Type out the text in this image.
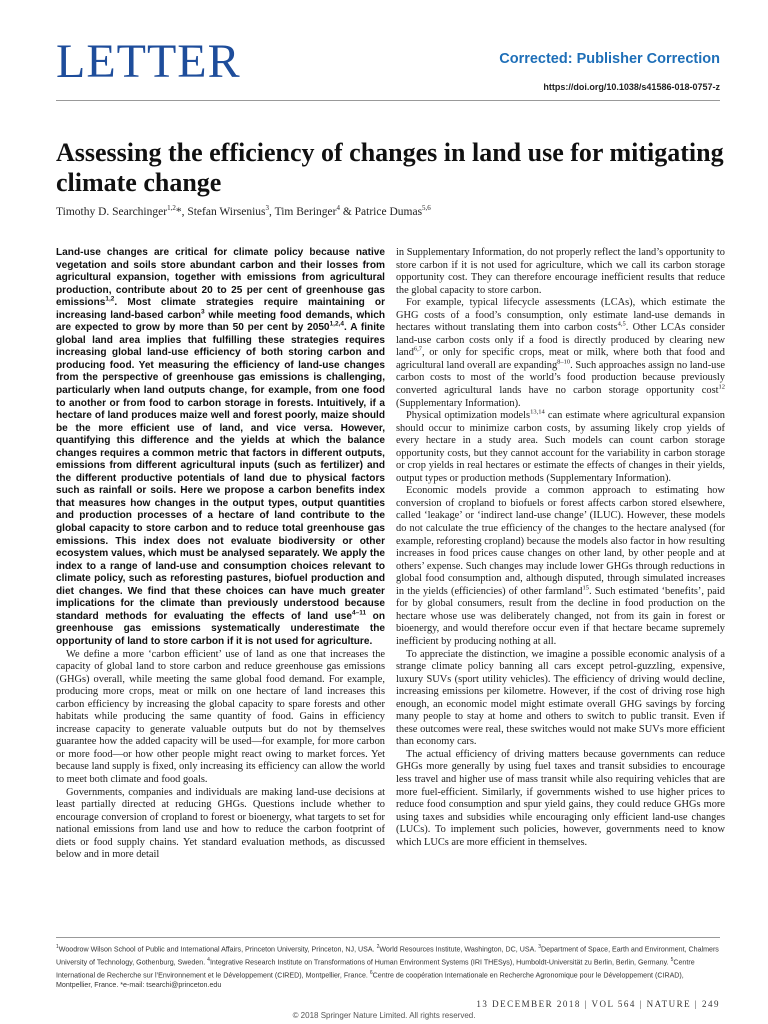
LETTER	Corrected: Publisher Correction
https://doi.org/10.1038/s41586-018-0757-z
Assessing the efficiency of changes in land use for mitigating climate change
Timothy D. Searchinger$^{1,2}$*, Stefan Wirsenius$^3$, Tim Beringer$^4$ & Patrice Dumas$^{5,6}$

Land-use changes are critical for climate policy because native vegetation and soils store abundant carbon and their losses from agricultural expansion, together with emissions from agricultural production, contribute about 20 to 25 per cent of greenhouse gas emissions$^{1,2}$. Most climate strategies require maintaining or increasing land-based carbon$^3$ while meeting food demands, which are expected to grow by more than 50 per cent by 2050$^{1,2,4}$. A finite global land area implies that fulfilling these strategies requires increasing global land-use efficiency of both storing carbon and producing food. Yet measuring the efficiency of land-use changes from the perspective of greenhouse gas emissions is challenging, particularly when land outputs change, for example, from one food to another or from food to carbon storage in forests. Intuitively, if a hectare of land produces maize well and forest poorly, maize should be the more efficient use of land, and vice versa. However, quantifying this difference and the yields at which the balance changes requires a common metric that factors in different outputs, emissions from different agricultural inputs (such as fertilizer) and the different productive potentials of land due to physical factors such as rainfall or soils. Here we propose a carbon benefits index that measures how changes in the output types, output quantities and production processes of a hectare of land contribute to the global capacity to store carbon and to reduce total greenhouse gas emissions. This index does not evaluate biodiversity or other ecosystem values, which must be analysed separately. We apply the index to a range of land-use and consumption choices relevant to climate policy, such as reforesting pastures, biofuel production and diet changes. We find that these choices can have much greater implications for the climate than previously understood because standard methods for evaluating the effects of land use$^{4-11}$ on greenhouse gas emissions systematically underestimate the opportunity of land to store carbon if it is not used for agriculture.

We define a more ‘carbon efficient’ use of land as one that increases the capacity of global land to store carbon and reduce greenhouse gas emissions (GHGs) overall, while meeting the same global food demand. For example, producing more crops, meat or milk on one hectare of land increases this carbon efficiency by increasing the global capacity to spare forests and other habitats while producing the same quantity of food. Gains in efficiency increase capacity to generate valuable outputs but do not by themselves guarantee how the added capacity will be used—for example, for more carbon or more food—or how other people might react owing to market forces. Yet because land supply is fixed, only increasing its efficiency can allow the world to meet both climate and food goals.

Governments, companies and individuals are making land-use decisions at least partially directed at reducing GHGs. Questions include whether to encourage conversion of cropland to forest or bioenergy, what targets to set for national emissions from land use and how to reduce the carbon footprint of diets or food supply chains. Yet standard evaluation methods, as discussed below and in more detail

in Supplementary Information, do not properly reflect the land’s opportunity to store carbon if it is not used for agriculture, which we call its carbon storage opportunity cost. They can therefore encourage inefficient results that reduce the global capacity to store carbon.

For example, typical lifecycle assessments (LCAs), which estimate the GHG costs of a food’s consumption, only estimate land-use demands in hectares without translating them into carbon costs$^{4,5}$. Other LCAs consider land-use carbon costs only if a food is directly produced by clearing new land$^{6,7}$, or only for specific crops, meat or milk, where both that food and agricultural land overall are expanding$^{8-10}$. Such approaches assign no land-use carbon costs to most of the world’s food production because previously converted agricultural lands have no carbon storage opportunity cost$^{12}$ (Supplementary Information).

Physical optimization models$^{13,14}$ can estimate where agricultural expansion should occur to minimize carbon costs, by assuming likely crop yields of every hectare in a study area. Such models can count carbon storage opportunity costs, but they cannot account for the variability in carbon storage or crop yields in real hectares or estimate the effects of changes in their yields, output types or production methods (Supplementary Information).

Economic models provide a common approach to estimating how conversion of cropland to biofuels or forest affects carbon stored elsewhere, called ‘leakage’ or ‘indirect land-use change’ (ILUC). However, these models do not calculate the true efficiency of the changes to the hectare analysed (for example, reforesting cropland) because the models also factor in how resulting increases in food prices cause changes on other land, by other people and at others’ expense. Such changes may include lower GHGs through reductions in global food consumption and, although disputed, through simulated increases in the yields (efficiencies) of other farmland$^{15}$. Such estimated ‘benefits’, paid for by global consumers, result from the decline in food production on the hectare whose use was deliberately changed, not from its gain in forest or bioenergy, and would therefore occur even if that hectare became supremely inefficient by producing nothing at all.

To appreciate the distinction, we imagine a possible economic analysis of a strange climate policy banning all cars except petrol-guzzling, expensive, luxury SUVs (sport utility vehicles). The efficiency of driving would decline, increasing emissions per kilometre. However, if the cost of driving rose high enough, an economic model might estimate overall GHG savings by forcing many people to stay at home and others to switch to public transit. Even if these outcomes were real, these switches would not make SUVs more efficient than economy cars.

The actual efficiency of driving matters because governments can reduce GHGs more generally by using fuel taxes and transit subsidies to encourage less travel and higher use of mass transit while also requiring vehicles that are more fuel-efficient. Similarly, if governments wished to use higher prices to reduce food consumption and spur yield gains, they could reduce GHGs more using taxes and subsidies while encouraging only efficient land-use changes (LUCs). To implement such policies, however, governments need to know which LUCs are more efficient in themselves.

$^1$Woodrow Wilson School of Public and International Affairs, Princeton University, Princeton, NJ, USA. $^2$World Resources Institute, Washington, DC, USA. $^3$Department of Space, Earth and Environment, Chalmers University of Technology, Gothenburg, Sweden. $^4$Integrative Research Institute on Transformations of Human Environment Systems (IRI THESys), Humboldt-Universität zu Berlin, Berlin, Germany. $^5$Centre International de Recherche sur l’Environnement et le Développement (CIRED), Montpellier, France. $^6$Centre de coopération Internationale en Recherche Agronomique pour le Développement (CIRAD), Montpellier, France. *e-mail: tsearchi@princeton.edu
13 DECEMBER 2018 | VOL 564 | NATURE | 249
© 2018 Springer Nature Limited. All rights reserved.
